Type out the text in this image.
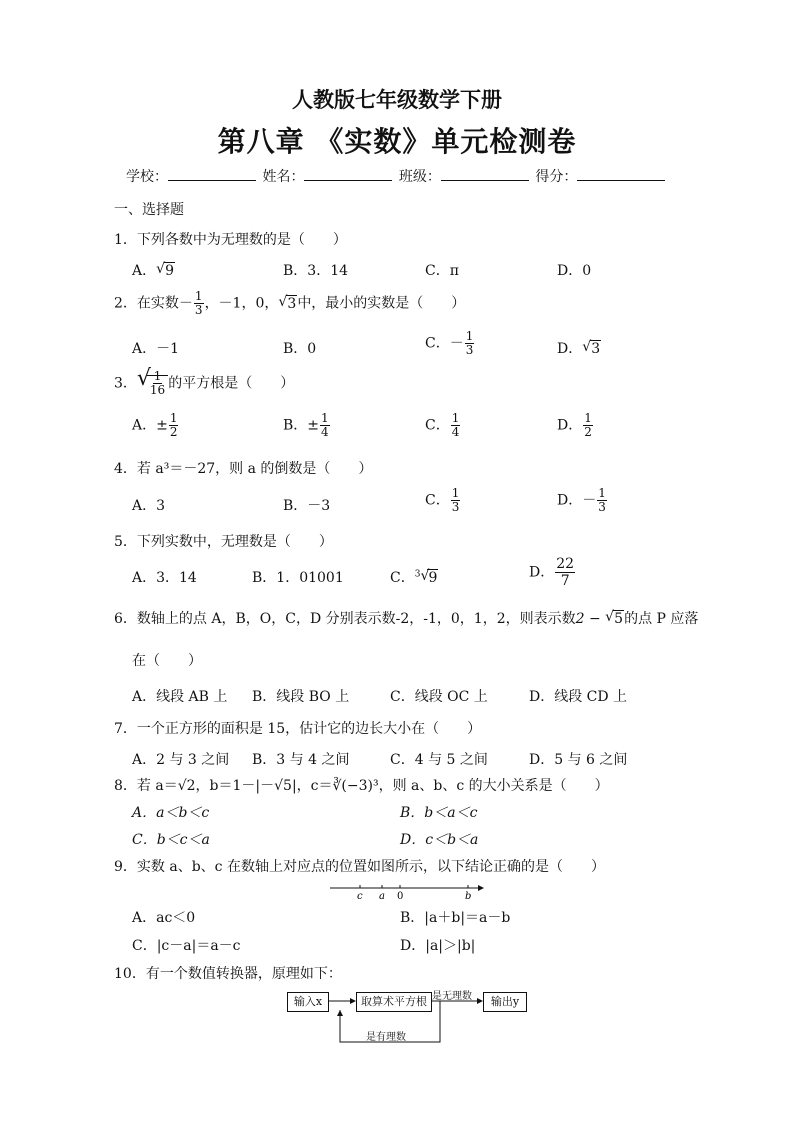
人教版七年级数学下册
第八章 《实数》单元检测卷
学校：	姓名：	班级：	得分：
一、选择题
1．下列各数中为无理数的是（　　）
A． √ 9	B．3．14	C．π	D．0
2．在实数－ $\frac{1}{3}$ ，－1，0， √ 3中，最小的实数是（　　）
A．－1	B．0	C．－ $\frac{1}{3}$	D． √ 3
3． √
$\frac{1}{16}$ 的平方根是（　　）
A．± $\frac{1}{2}$	B．± $\frac{1}{4}$	C． $\frac{1}{4}$	D． $\frac{1}{2}$
4．若 a³＝－27，则 a 的倒数是（　　）
A．3	B．－3	C． $\frac{1}{3}$	D．－ $\frac{1}{3}$
5．下列实数中，无理数是（　　）
A．3．14	B．1．01001	C．$^3$ √ 9	D． $\frac{22}{7}$
6．数轴上的点 A，B，O，C，D 分别表示数-2，-1，0，1，2，则表示数2 − √ 5的点 P 应落
在（　　）
A．线段 AB 上 B．线段 BO 上	C．线段 OC 上	D．线段 CD 上
7．一个正方形的面积是 15，估计它的边长大小在（　　）
A．2 与 3 之间 B．3 与 4 之间	C．4 与 5 之间	D．5 与 6 之间
8．若 a＝√2，b＝1－|－√5|，c＝∛(−3)³，则 a、b、c 的大小关系是（　　）
A．a＜b＜c	B．b＜a＜c
C．b＜c＜a	D．c＜b＜a
9．实数 a、b、c 在数轴上对应点的位置如图所示，以下结论正确的是（　　）
c a 0	b
A．ac＜0	B．|a＋b|＝a－b
C．|c－a|＝a－c	D．|a|＞|b|
10．有一个数值转换器，原理如下：
输入x	取算术平方根	输出y
是无理数
是有理数
